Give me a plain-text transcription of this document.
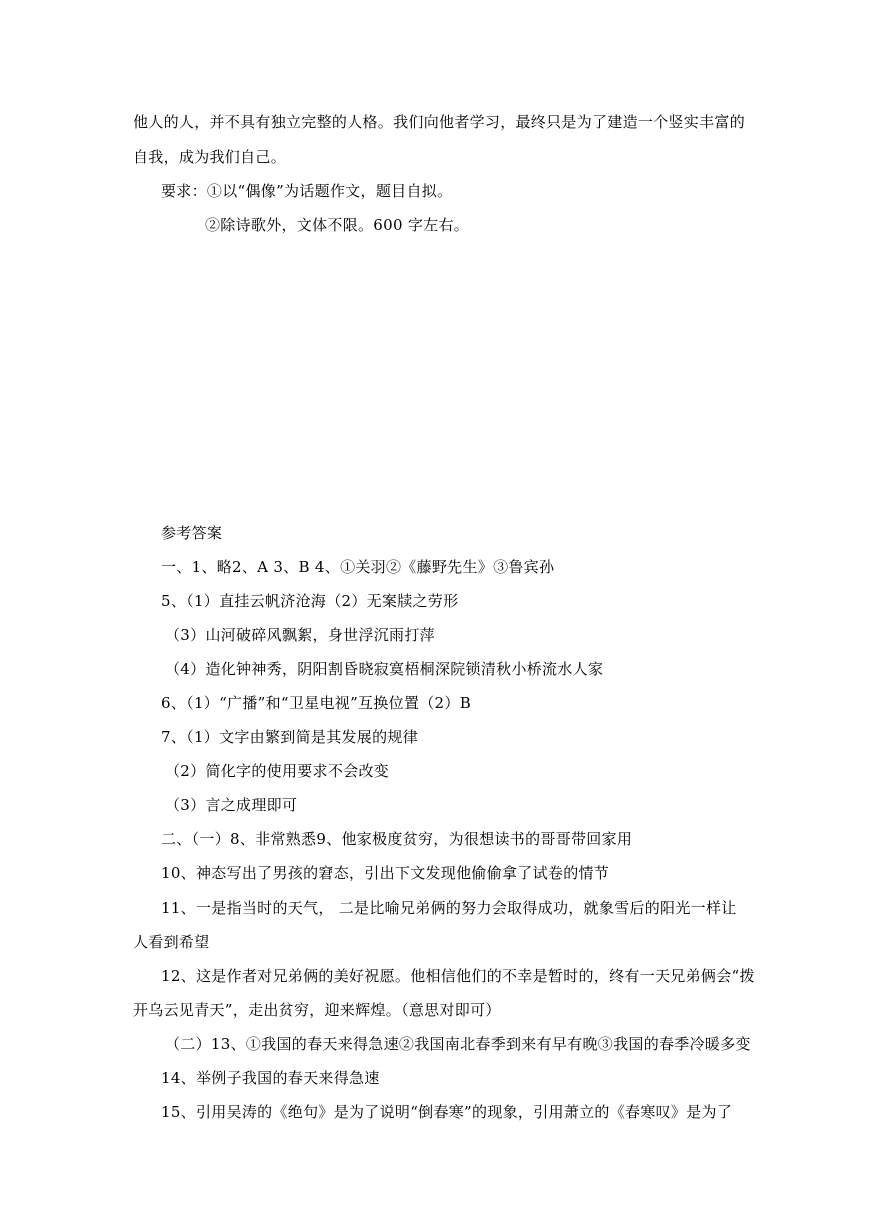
他人的人，并不具有独立完整的人格。我们向他者学习，最终只是为了建造一个竖实丰富的
自我，成为我们自己。
要求：①以“偶像”为话题作文，题目自拟。
②除诗歌外，文体不限。600 字左右。
参考答案
一、1、略2、A 3、B 4、①关羽②《藤野先生》③鲁宾孙
5、（1）直挂云帆济沧海（2）无案牍之劳形
（3）山河破碎风飘絮，身世浮沉雨打萍
（4）造化钟神秀，阴阳割昏晓寂寞梧桐深院锁清秋小桥流水人家
6、（1）“广播”和“卫星电视”互换位置（2）B
7、（1）文字由繁到简是其发展的规律
（2）简化字的使用要求不会改变
（3）言之成理即可
二、（一）8、非常熟悉9、他家极度贫穷，为很想读书的哥哥带回家用
10、神态写出了男孩的窘态，引出下文发现他偷偷拿了试卷的情节
11、一是指当时的天气， 二是比喻兄弟俩的努力会取得成功，就象雪后的阳光一样让
人看到希望
12、这是作者对兄弟俩的美好祝愿。他相信他们的不幸是暂时的，终有一天兄弟俩会“拨
开乌云见青天”，走出贫穷，迎来辉煌。（意思对即可）
（二）13、①我国的春天来得急速②我国南北春季到来有早有晚③我国的春季冷暖多变
14、举例子我国的春天来得急速
15、引用吴涛的《绝句》是为了说明“倒春寒”的现象，引用萧立的《春寒叹》是为了
